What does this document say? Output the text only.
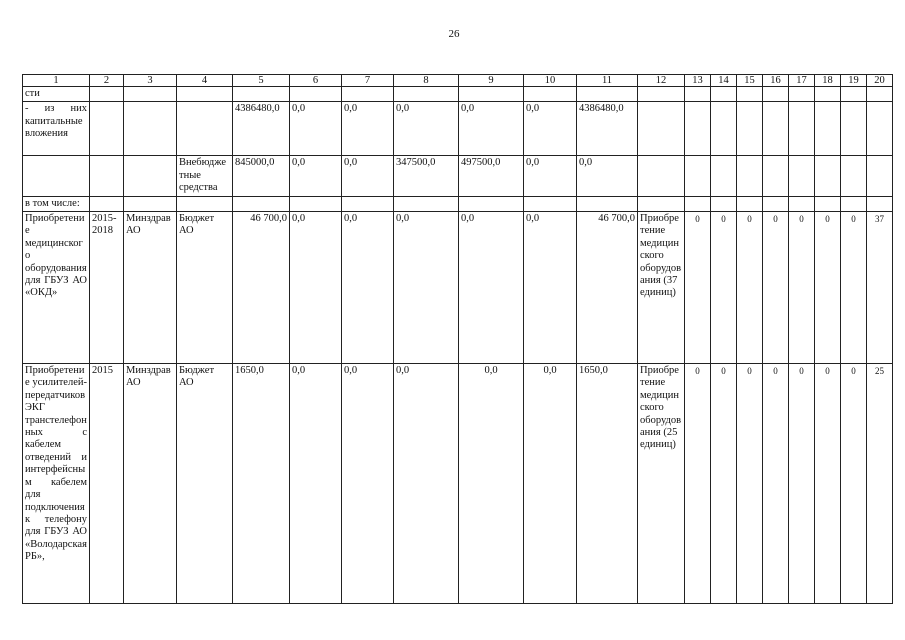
26
1	2	3	4	5	6	7	8	9	10	11	12	13	14	15	16	17	18	19	20
сти																			
- из них капитальные вложения				4386480,0	0,0	0,0	0,0	0,0	0,0	4386480,0									
			Внебюджетные средства	845000,0	0,0	0,0	347500,0	497500,0	0,0	0,0									
в том числе:																			
Приобретение медицинского оборудования для ГБУЗ АО «ОКД»	2015-2018	Минздрав АО	Бюджет АО	46 700,0	0,0	0,0	0,0	0,0	0,0	46 700,0	Приобретение медицинского оборудования (37 единиц)	0	0	0	0	0	0	0	37
Приобретение усилителей-передатчиков ЭКГ транстелефонных с кабелем отведений и интерфейсным кабелем для подключения к телефону для ГБУЗ АО «Володарская РБ»,	2015	Минздрав АО	Бюджет АО	1650,0	0,0	0,0	0,0	0,0	0,0	1650,0	Приобретение медицинского оборудования (25 единиц)	0	0	0	0	0	0	0	25
